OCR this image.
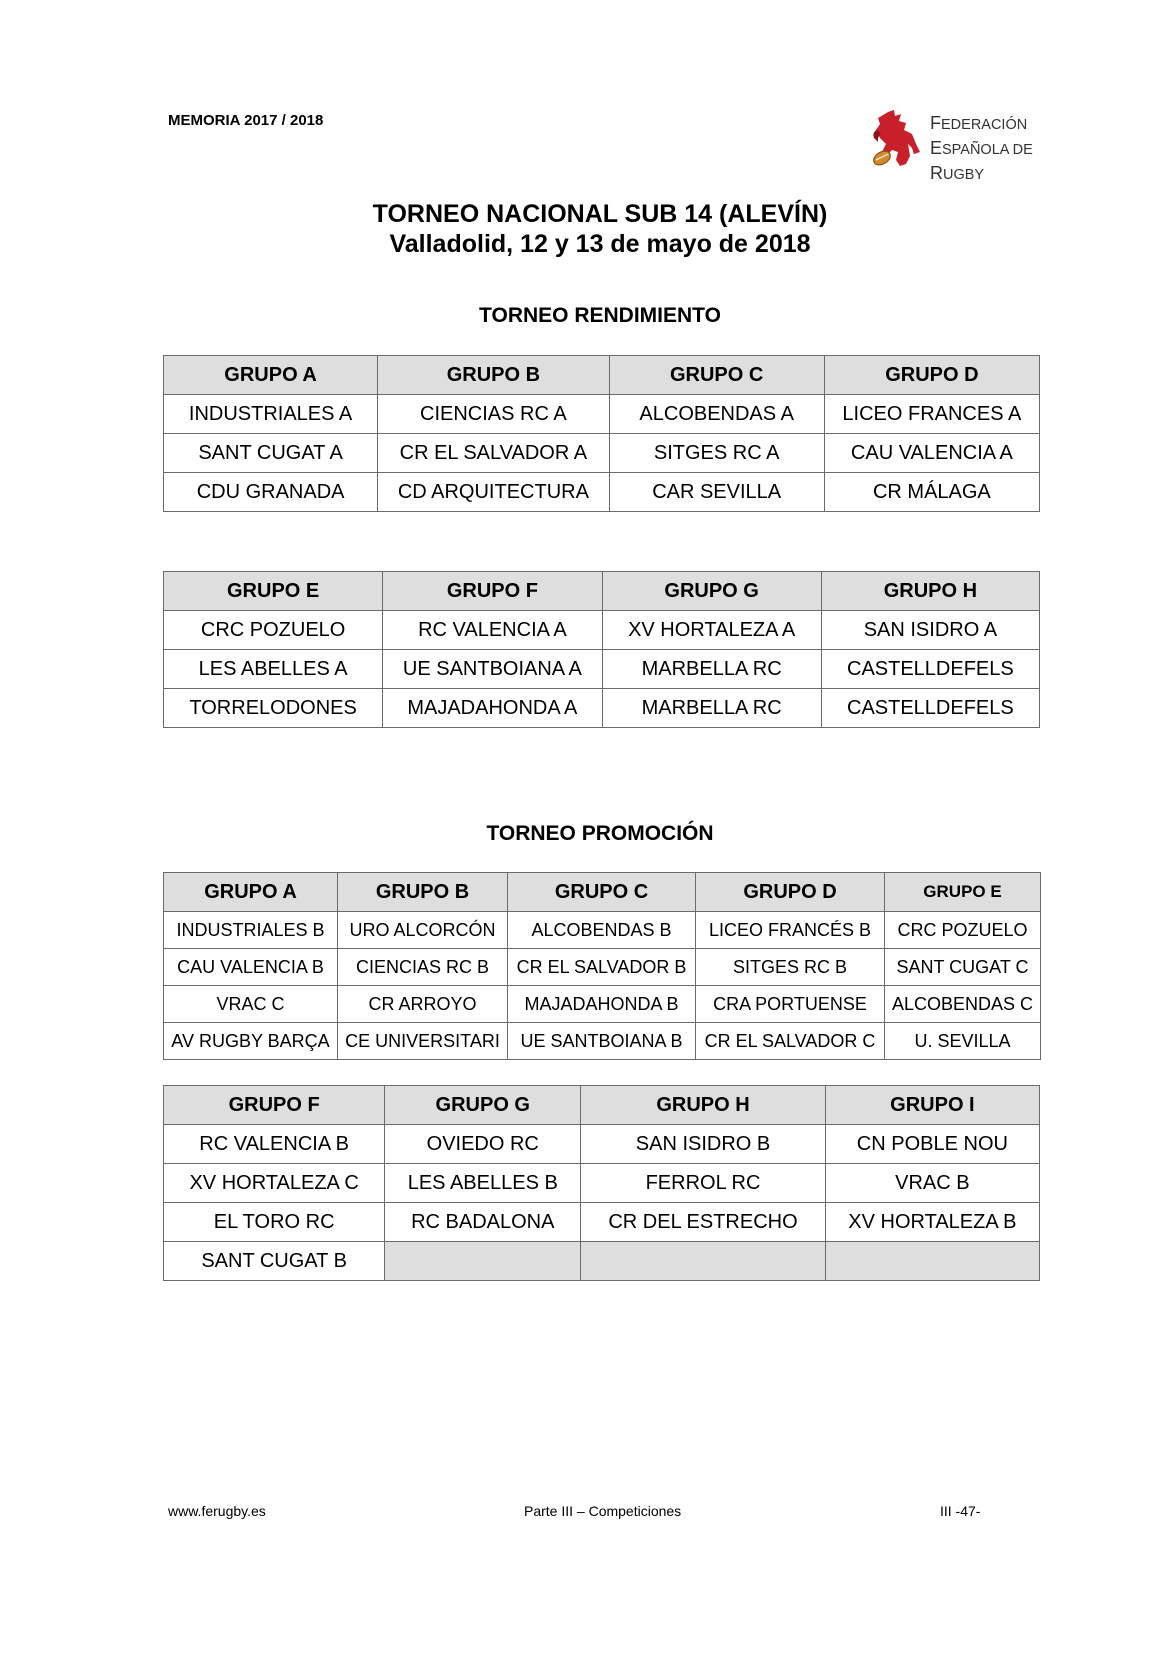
MEMORIA 2017 / 2018	FEDERACIÓN
ESPAÑOLA DE
RUGBY
TORNEO NACIONAL SUB 14 (ALEVÍN)
Valladolid, 12 y 13 de mayo de 2018
TORNEO RENDIMIENTO
GRUPO A	GRUPO B	GRUPO C	GRUPO D
INDUSTRIALES A	CIENCIAS RC A	ALCOBENDAS A	LICEO FRANCES A
SANT CUGAT A	CR EL SALVADOR A	SITGES RC A	CAU VALENCIA A
CDU GRANADA	CD ARQUITECTURA	CAR SEVILLA	CR MÁLAGA
GRUPO E	GRUPO F	GRUPO G	GRUPO H
CRC POZUELO	RC VALENCIA A	XV HORTALEZA A	SAN ISIDRO A
LES ABELLES A	UE SANTBOIANA A	MARBELLA RC	CASTELLDEFELS
TORRELODONES	MAJADAHONDA A	MARBELLA RC	CASTELLDEFELS
TORNEO PROMOCIÓN
GRUPO A	GRUPO B	GRUPO C	GRUPO D	GRUPO E
INDUSTRIALES B	URO ALCORCÓN	ALCOBENDAS B	LICEO FRANCÉS B	CRC POZUELO
CAU VALENCIA B	CIENCIAS RC B	CR EL SALVADOR B	SITGES RC B	SANT CUGAT C
VRAC C	CR ARROYO	MAJADAHONDA B	CRA PORTUENSE	ALCOBENDAS C
AV RUGBY BARÇA	CE UNIVERSITARI	UE SANTBOIANA B	CR EL SALVADOR C	U. SEVILLA
GRUPO F	GRUPO G	GRUPO H	GRUPO I
RC VALENCIA B	OVIEDO RC	SAN ISIDRO B	CN POBLE NOU
XV HORTALEZA C	LES ABELLES B	FERROL RC	VRAC B
EL TORO RC	RC BADALONA	CR DEL ESTRECHO	XV HORTALEZA B
SANT CUGAT B			
www.ferugby.es	Parte III – Competiciones	III -47-
